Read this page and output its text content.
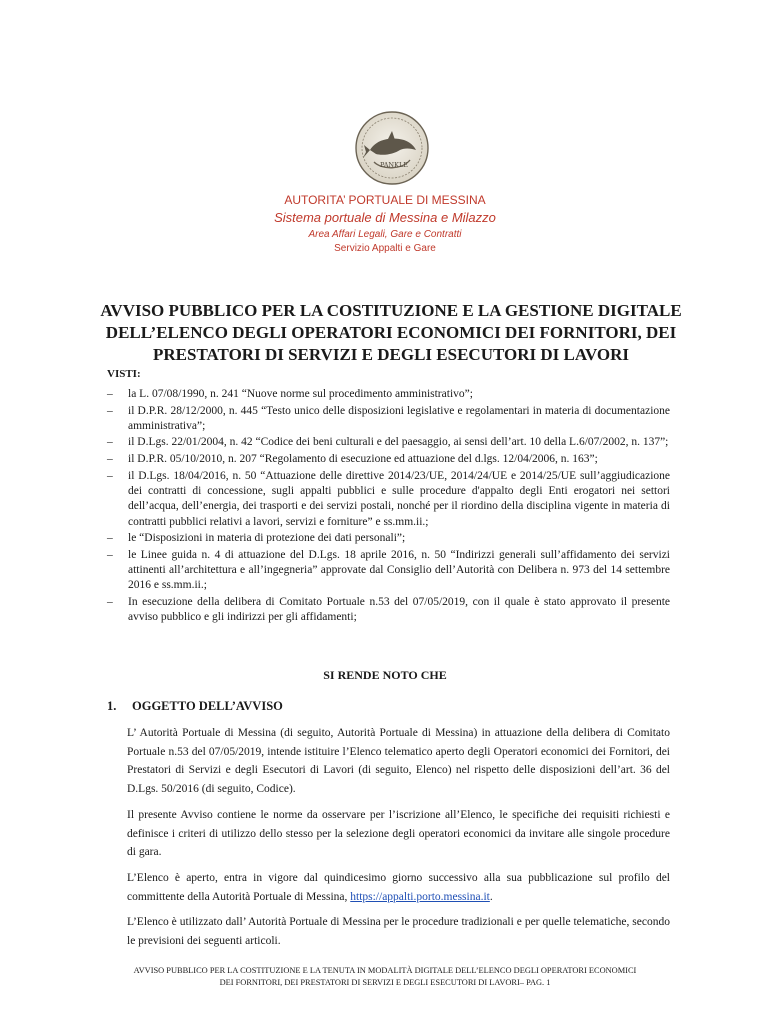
PANKLE
AUTORITA’ PORTUALE DI MESSINA
Sistema portuale di Messina e Milazzo
Area Affari Legali, Gare e Contratti
Servizio Appalti e Gare
AVVISO PUBBLICO PER LA COSTITUZIONE E LA GESTIONE DIGITALE DELL’ELENCO DEGLI OPERATORI ECONOMICI DEI FORNITORI, DEI PRESTATORI DI SERVIZI E DEGLI ESECUTORI DI LAVORI
VISTI:
– la L. 07/08/1990, n. 241 “Nuove norme sul procedimento amministrativo”;
– il D.P.R. 28/12/2000, n. 445 “Testo unico delle disposizioni legislative e regolamentari in materia di documentazione amministrativa”;
– il D.Lgs. 22/01/2004, n. 42 “Codice dei beni culturali e del paesaggio, ai sensi dell’art. 10 della L.6/07/2002, n. 137”;
– il D.P.R. 05/10/2010, n. 207 “Regolamento di esecuzione ed attuazione del d.lgs. 12/04/2006, n. 163”;
– il D.Lgs. 18/04/2016, n. 50 “Attuazione delle direttive 2014/23/UE, 2014/24/UE e 2014/25/UE sull’aggiudicazione dei contratti di concessione, sugli appalti pubblici e sulle procedure d'appalto degli Enti erogatori nei settori dell’acqua, dell’energia, dei trasporti e dei servizi postali, nonché per il riordino della disciplina vigente in materia di contratti pubblici relativi a lavori, servizi e forniture” e ss.mm.ii.;
– le “Disposizioni in materia di protezione dei dati personali”;
– le Linee guida n. 4 di attuazione del D.Lgs. 18 aprile 2016, n. 50 “Indirizzi generali sull’affidamento dei servizi attinenti all’architettura e all’ingegneria” approvate dal Consiglio dell’Autorità con Delibera n. 973 del 14 settembre 2016 e ss.mm.ii.;
– In esecuzione della delibera di Comitato Portuale n.53 del 07/05/2019, con il quale è stato approvato il presente avviso pubblico e gli indirizzi per gli affidamenti;
SI RENDE NOTO CHE
1. OGGETTO DELL’AVVISO

L’ Autorità Portuale di Messina (di seguito, Autorità Portuale di Messina) in attuazione della delibera di Comitato Portuale n.53 del 07/05/2019, intende istituire l’Elenco telematico aperto degli Operatori economici dei Fornitori, dei Prestatori di Servizi e degli Esecutori di Lavori (di seguito, Elenco) nel rispetto delle disposizioni dell’art. 36 del D.Lgs. 50/2016 (di seguito, Codice).

Il presente Avviso contiene le norme da osservare per l’iscrizione all’Elenco, le specifiche dei requisiti richiesti e definisce i criteri di utilizzo dello stesso per la selezione degli operatori economici da invitare alle singole procedure di gara.

L’Elenco è aperto, entra in vigore dal quindicesimo giorno successivo alla sua pubblicazione sul profilo del committente della Autorità Portuale di Messina, https://appalti.porto.messina.it.

L’Elenco è utilizzato dall’ Autorità Portuale di Messina per le procedure tradizionali e per quelle telematiche, secondo le previsioni dei seguenti articoli.

AVVISO PUBBLICO PER LA COSTITUZIONE E LA TENUTA IN MODALITÀ DIGITALE DELL’ELENCO DEGLI OPERATORI ECONOMICI
DEI FORNITORI, DEI PRESTATORI DI SERVIZI E DEGLI ESECUTORI DI LAVORI– PAG. 1
